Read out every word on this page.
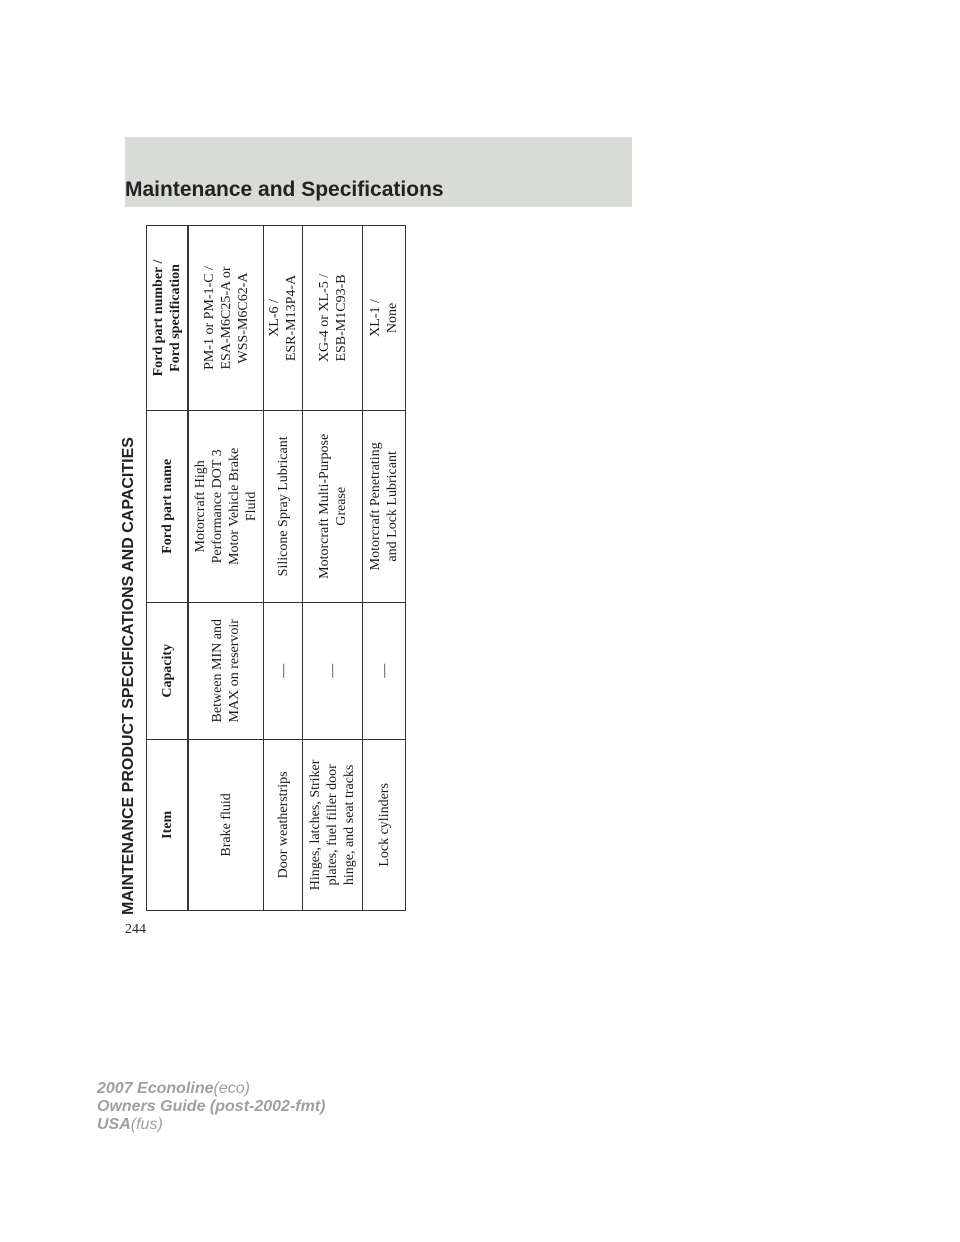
Maintenance and Specifications
MAINTENANCE PRODUCT SPECIFICATIONS AND CAPACITIES Item	Capacity	Ford part name	Ford part number / Ford specification
Brake fluid	Between MIN and MAX on reservoir	Motorcraft High Performance DOT 3 Motor Vehicle Brake Fluid	PM-1 or PM-1-C / ESA-M6C25-A or WSS-M6C62-A
Door weatherstrips	—	Silicone Spray Lubricant	XL-6 / ESR-M13P4-A
Hinges, latches, Striker plates, fuel filler door hinge, and seat tracks	—	Motorcraft Multi-Purpose Grease	XG-4 or XL-5 / ESB-M1C93-B
Lock cylinders	—	Motorcraft Penetrating and Lock Lubricant	XL-1 / None
244
2007 Econoline(eco)
Owners Guide (post-2002-fmt)
USA(fus)
